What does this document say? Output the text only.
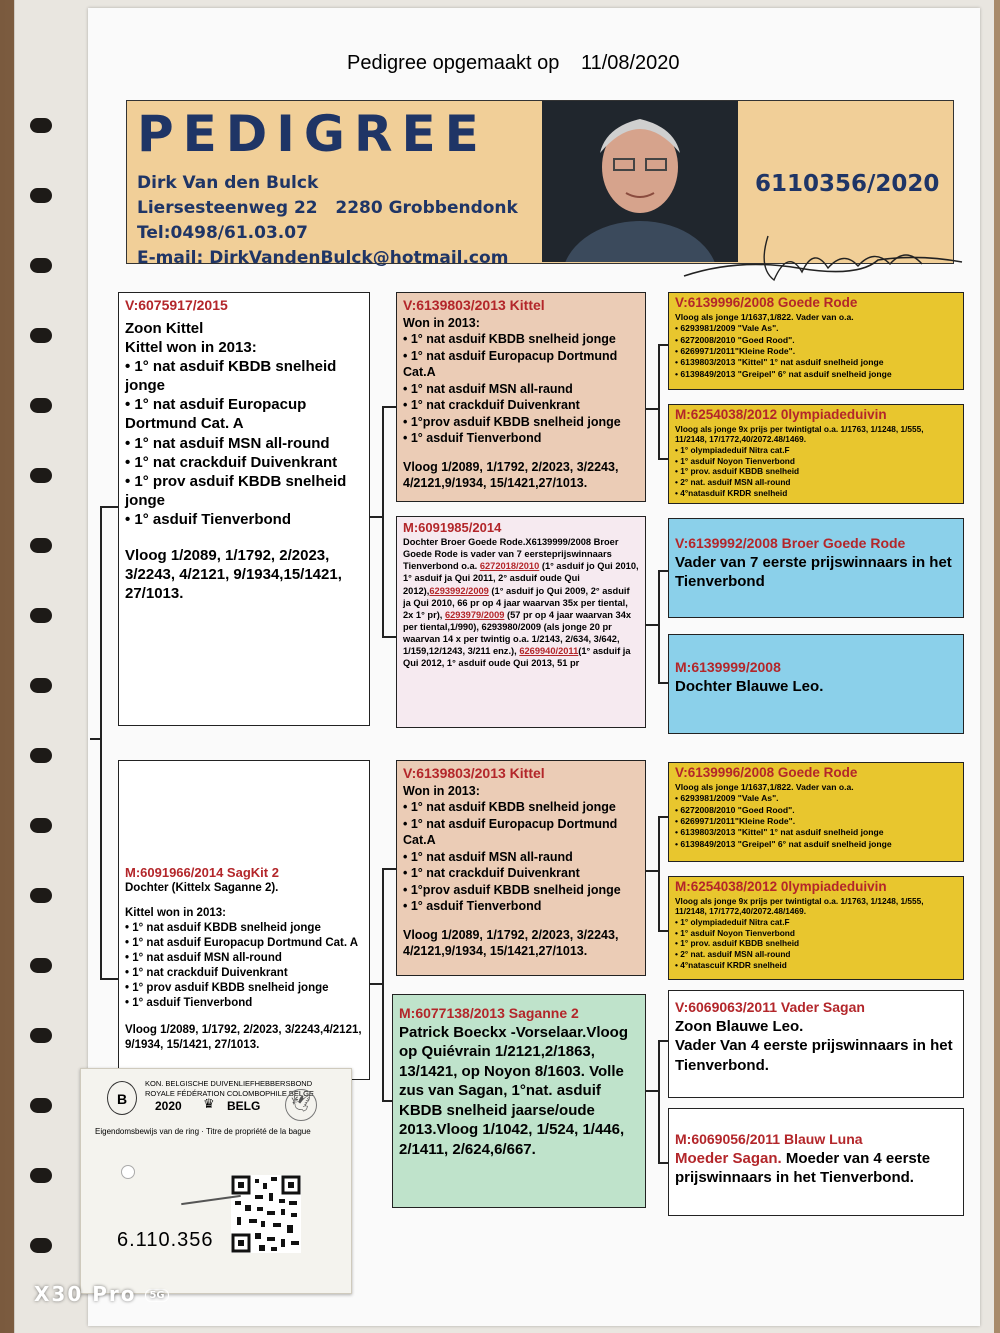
Pedigree opgemaakt op 11/08/2020
PEDIGREE
Dirk Van den Bulck
Liersesteenweg 22   2280 Grobbendonk
Tel:0498/61.03.07
E-mail: DirkVandenBulck@hotmail.com
6110356/2020
V:6075917/2015
Zoon Kittel
Kittel won in 2013:
• 1° nat asduif KBDB snelheid jonge
• 1° nat asduif Europacup Dortmund Cat. A
• 1° nat asduif MSN all-round
• 1° nat crackduif Duivenkrant
• 1° prov asduif KBDB snelheid jonge
• 1° asduif Tienverbond
Vloog 1/2089, 1/1792, 2/2023, 3/2243, 4/2121, 9/1934,15/1421, 27/1013.
M:6091966/2014 SagKit 2
Dochter (Kittelx Saganne 2).
Kittel won in 2013:
• 1° nat asduif KBDB snelheid jonge
• 1° nat asduif Europacup Dortmund Cat. A
• 1° nat asduif MSN all-round
• 1° nat crackduif Duivenkrant
• 1° prov asduif KBDB snelheid jonge
• 1° asduif Tienverbond
Vloog 1/2089, 1/1792, 2/2023, 3/2243,4/2121, 9/1934, 15/1421, 27/1013.
B
KON. BELGISCHE DUIVENLIEFHEBBERSBOND
ROYALE FÉDÉRATION COLOMBOPHILE BELGE
2020 ♛ BELG	🕊
Eigendomsbewijs van de ring · Titre de propriété de la bague
6.110.356
V:6139803/2013 Kittel
Won in 2013:
• 1° nat asduif KBDB snelheid jonge
• 1° nat asduif Europacup Dortmund Cat.A
• 1° nat asduif MSN all-raund
• 1° nat crackduif Duivenkrant
• 1°prov asduif KBDB snelheid jonge
• 1° asduif Tienverbond
Vloog 1/2089, 1/1792, 2/2023, 3/2243, 4/2121,9/1934, 15/1421,27/1013.
M:6091985/2014
Dochter Broer Goede Rode.X6139999/2008 Broer Goede Rode is vader van 7 eersteprijswinnaars Tienverbond o.a. 6272018/2010 (1° asduif jo Qui 2010, 1° asduif ja Qui 2011, 2° asduif oude Qui 2012),6293992/2009 (1° asduif jo Qui 2009, 2° asduif ja Qui 2010, 66 pr op 4 jaar waarvan 35x per tiental, 2x 1° pr), 6293979/2009 (57 pr op 4 jaar waarvan 34x per tiental,1/990), 6293980/2009 (als jonge 20 pr waarvan 14 x per twintig o.a. 1/2143, 2/634, 3/642, 1/159,12/1243, 3/211 enz.), 6269940/2011(1° asduif ja Qui 2012, 1° asduif oude Qui 2013, 51 pr
V:6139803/2013 Kittel
Won in 2013:
• 1° nat asduif KBDB snelheid jonge
• 1° nat asduif Europacup Dortmund Cat.A
• 1° nat asduif MSN all-raund
• 1° nat crackduif Duivenkrant
• 1°prov asduif KBDB snelheid jonge
• 1° asduif Tienverbond
Vloog 1/2089, 1/1792, 2/2023, 3/2243, 4/2121,9/1934, 15/1421,27/1013.
M:6077138/2013 Saganne 2
Patrick Boeckx -Vorselaar.Vloog op Quiévrain 1/2121,2/1863, 13/1421, op Noyon 8/1603. Volle zus van Sagan, 1°nat. asduif KBDB snelheid jaarse/oude 2013.Vloog 1/1042, 1/524, 1/446, 2/1411, 2/624,6/667.
V:6139996/2008 Goede Rode
Vloog als jonge 1/1637,1/822. Vader van o.a.
• 6293981/2009 "Vale As".
• 6272008/2010 "Goed Rood".
• 6269971/2011"Kleine Rode".
• 6139803/2013 "Kittel" 1° nat asduif snelheid jonge
• 6139849/2013 "Greipel" 6° nat asduif snelheid jonge
M:6254038/2012 0lympiadeduivin
Vloog als jonge 9x prijs per twintigtal o.a. 1/1763, 1/1248, 1/555, 11/2148, 17/1772,40/2072.48/1469.
• 1° olympiadeduif Nitra cat.F
• 1° asduif Noyon Tienverbond
• 1° prov. asduif KBDB snelheid
• 2° nat. asduif MSN all-round
• 4°natasduif KRDR snelheid
V:6139992/2008 Broer Goede Rode
Vader van 7 eerste prijswinnaars in het Tienverbond
M:6139999/2008
Dochter Blauwe Leo.
V:6139996/2008 Goede Rode
Vloog als jonge 1/1637,1/822. Vader van o.a.
• 6293981/2009 "Vale As".
• 6272008/2010 "Goed Rood".
• 6269971/2011"Kleine Rode".
• 6139803/2013 "Kittel" 1° nat asduif snelheid jonge
• 6139849/2013 "Greipel" 6° nat asduif snelheid jonge
M:6254038/2012 0lympiadeduivin
Vloog als jonge 9x prijs per twintigtal o.a. 1/1763, 1/1248, 1/555, 11/2148, 17/1772,40/2072.48/1469.
• 1° olympiadeduif Nitra cat.F
• 1° asduif Noyon Tienverbond
• 1° prov. asduif KBDB snelheid
• 2° nat. asduif MSN all-round
• 4°natascuif KRDR snelheid
V:6069063/2011 Vader Sagan
Zoon Blauwe Leo.
Vader Van 4 eerste prijswinnaars in het Tienverbond.
M:6069056/2011 Blauw Luna
Moeder Sagan. Moeder van 4 eerste prijswinnaars in het Tienverbond.
X30 Pro 5G
